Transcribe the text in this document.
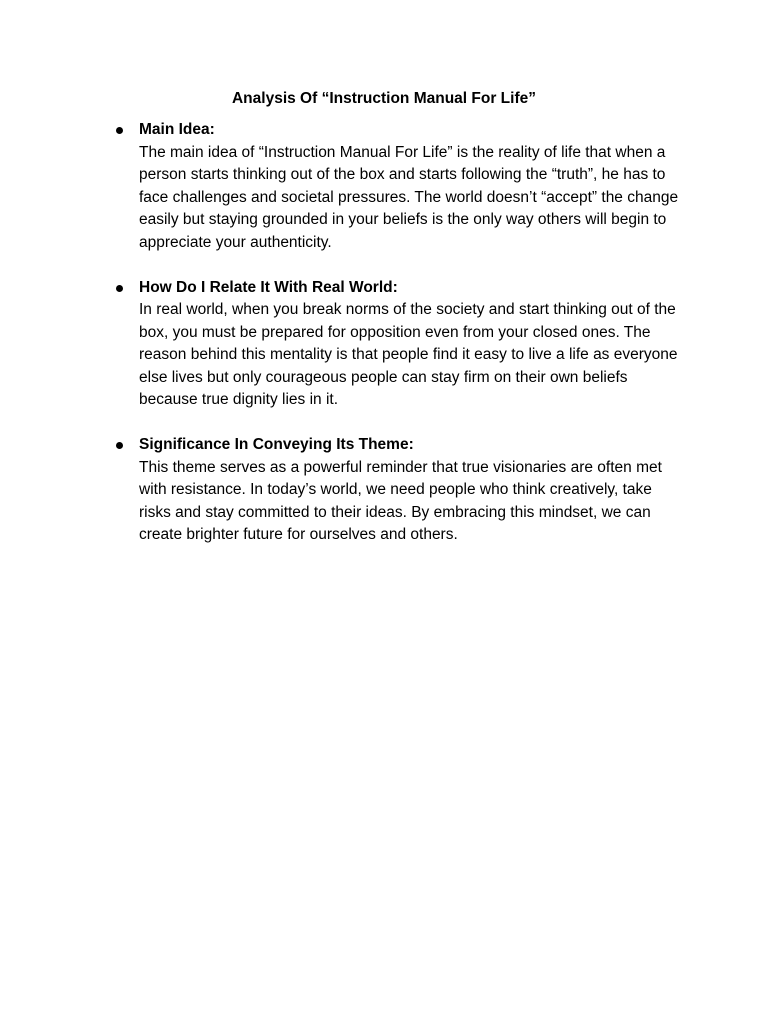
Analysis Of “Instruction Manual For Life”
Main Idea:
The main idea of “Instruction Manual For Life” is the reality of life that when a person starts thinking out of the box and starts following the “truth”, he has to face challenges and societal pressures. The world doesn’t “accept” the change easily but staying grounded in your beliefs is the only way others will begin to appreciate your authenticity.
How Do I Relate It With Real World:
In real world, when you break norms of the society and start thinking out of the box, you must be prepared for opposition even from your closed ones. The reason behind this mentality is that people find it easy to live a life as everyone else lives but only courageous people can stay firm on their own beliefs because true dignity lies in it.
Significance In Conveying Its Theme:
This theme serves as a powerful reminder that true visionaries are often met with resistance. In today’s world, we need people who think creatively, take risks and stay committed to their ideas. By embracing this mindset, we can create brighter future for ourselves and others.
